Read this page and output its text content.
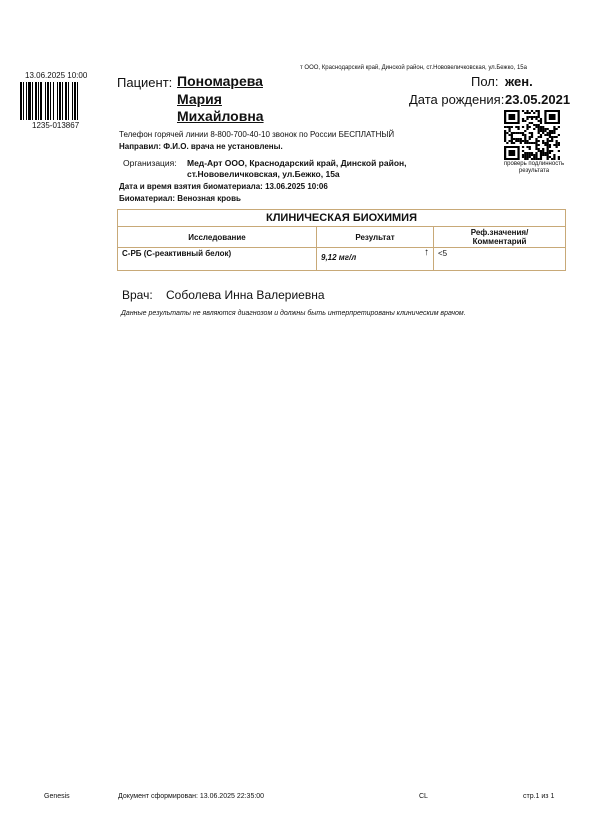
13.06.2025 10:00
1235-013867
т ООО, Краснодарский край, Динской район, ст.Нововеличковская, ул.Бежко, 15а
Пациент: Пономарева
Мария
Михайловна
Пол: жен.
Дата рождения: 23.05.2021
проверь подлинность
результата
Телефон горячей линии 8-800-700-40-10 звонок по России БЕСПЛАТНЫЙ
Направил: Ф.И.О. врача не установлены.
Организация: Мед-Арт ООО, Краснодарский край, Динской район,
ст.Нововеличковская, ул.Бежко, 15а
Дата и время взятия биоматериала: 13.06.2025 10:06
Биоматериал: Венозная кровь
КЛИНИЧЕСКАЯ БИОХИМИЯ		
Исследование	Результат	Реф.значения/
Комментарий
С-РБ (С-реактивный белок)	9,12 мг/л ↑	<5
Врач: Соболева Инна Валериевна
Данные результаты не являются диагнозом и должны быть интерпретированы клиническим врачом.
Genesis	Документ сформирован: 13.06.2025 22:35:00	CL	стр.1 из 1
